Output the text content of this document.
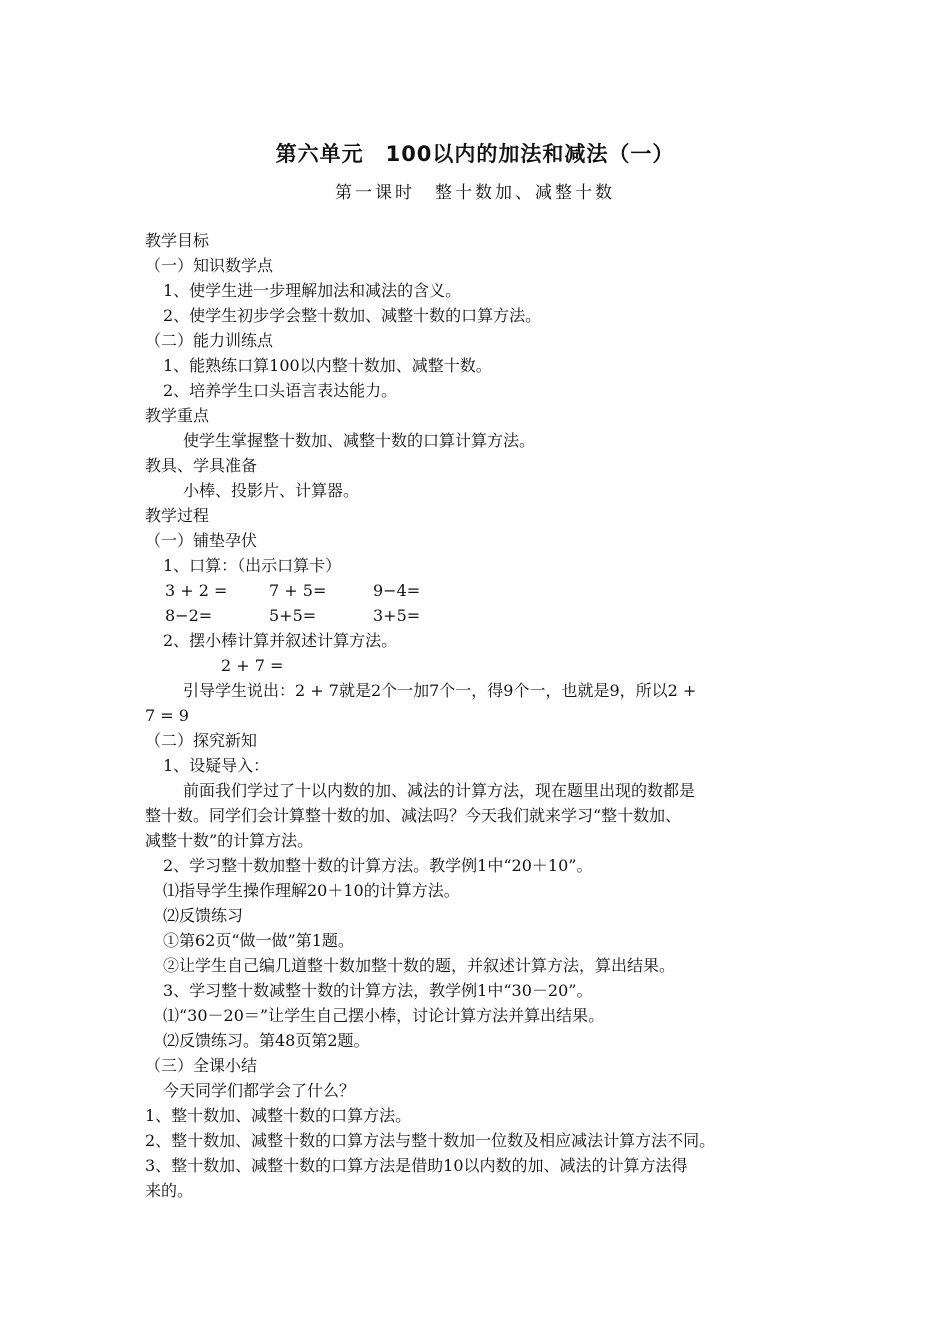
第六单元　100以内的加法和减法（一）
第一课时　整十数加、减整十数
教学目标
（一）知识数学点
1、使学生进一步理解加法和减法的含义。
2、使学生初步学会整十数加、减整十数的口算方法。
（二）能力训练点
1、能熟练口算100以内整十数加、减整十数。
2、培养学生口头语言表达能力。
教学重点
使学生掌握整十数加、减整十数的口算计算方法。
教具、学具准备
小棒、投影片、计算器。
教学过程
（一）铺垫孕伏
1、口算：（出示口算卡）
3 + 2 =	7 + 5=	9−4=
8−2=	5+5=	3+5=
2、摆小棒计算并叙述计算方法。
2 + 7 =
引导学生说出：2 + 7就是2个一加7个一，得9个一，也就是9，所以2 +
7 = 9
（二）探究新知
1、设疑导入：
前面我们学过了十以内数的加、减法的计算方法，现在题里出现的数都是
整十数。同学们会计算整十数的加、减法吗？今天我们就来学习“整十数加、
减整十数”的计算方法。
2、学习整十数加整十数的计算方法。教学例1中“20＋10”。
⑴指导学生操作理解20＋10的计算方法。
⑵反馈练习
①第62页“做一做”第1题。
②让学生自己编几道整十数加整十数的题，并叙述计算方法，算出结果。
3、学习整十数减整十数的计算方法，教学例1中“30－20”。
⑴“30－20＝”让学生自己摆小棒，讨论计算方法并算出结果。
⑵反馈练习。第48页第2题。
（三）全课小结
今天同学们都学会了什么？
1、整十数加、减整十数的口算方法。
2、整十数加、减整十数的口算方法与整十数加一位数及相应减法计算方法不同。
3、整十数加、减整十数的口算方法是借助10以内数的加、减法的计算方法得
来的。
